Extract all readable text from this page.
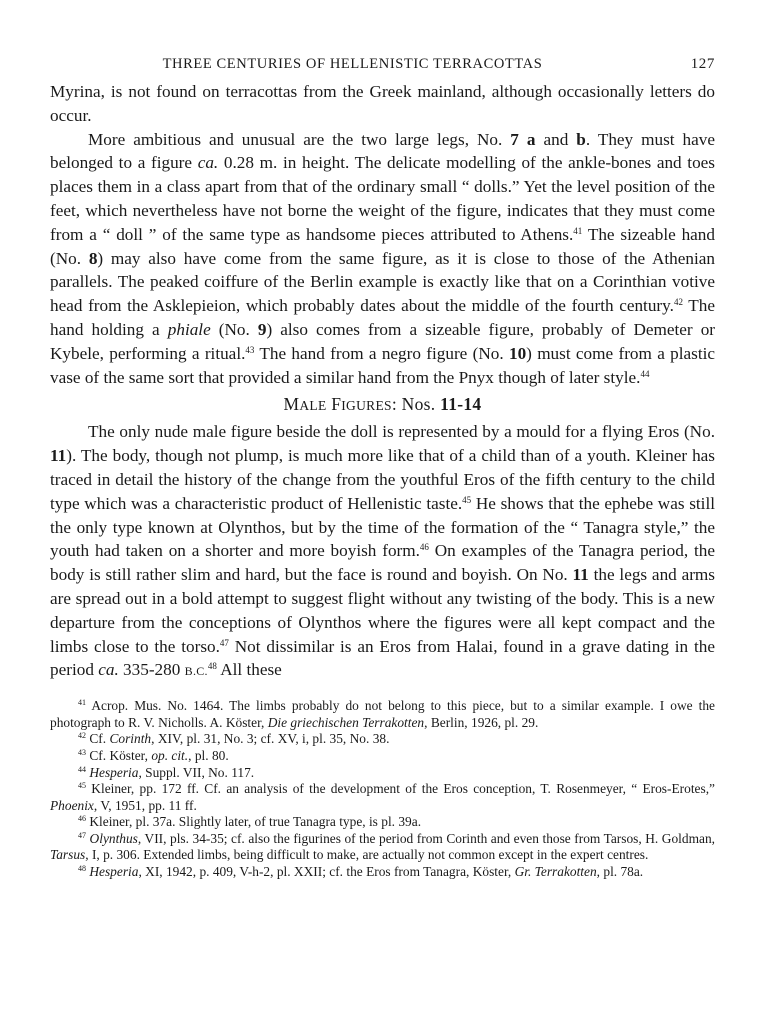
THREE CENTURIES OF HELLENISTIC TERRACOTTAS	127

Myrina, is not found on terracottas from the Greek mainland, although occasionally letters do occur.

More ambitious and unusual are the two large legs, No. 7 a and b. They must have belonged to a figure ca. 0.28 m. in height. The delicate modelling of the ankle-bones and toes places them in a class apart from that of the ordinary small “ dolls.” Yet the level position of the feet, which nevertheless have not borne the weight of the figure, indicates that they must come from a “ doll ” of the same type as handsome pieces attributed to Athens.$^{41}$ The sizeable hand (No. 8) may also have come from the same figure, as it is close to those of the Athenian parallels. The peaked coiffure of the Berlin example is exactly like that on a Corinthian votive head from the Asklepieion, which probably dates about the middle of the fourth century.$^{42}$ The hand holding a phiale (No. 9) also comes from a sizeable figure, probably of Demeter or Kybele, performing a ritual.$^{43}$ The hand from a negro figure (No. 10) must come from a plastic vase of the same sort that provided a similar hand from the Pnyx though of later style.$^{44}$

MALE FIGURES: Nos. 11-14

The only nude male figure beside the doll is represented by a mould for a flying Eros (No. 11). The body, though not plump, is much more like that of a child than of a youth. Kleiner has traced in detail the history of the change from the youthful Eros of the fifth century to the child type which was a characteristic product of Hellenistic taste.$^{45}$ He shows that the ephebe was still the only type known at Olynthos, but by the time of the formation of the “ Tanagra style,” the youth had taken on a shorter and more boyish form.$^{46}$ On examples of the Tanagra period, the body is still rather slim and hard, but the face is round and boyish. On No. 11 the legs and arms are spread out in a bold attempt to suggest flight without any twisting of the body. This is a new departure from the conceptions of Olynthos where the figures were all kept compact and the limbs close to the torso.$^{47}$ Not dissimilar is an Eros from Halai, found in a grave dating in the period ca. 335-280 B.C.$^{48}$ All these

$^{41}$ Acrop. Mus. No. 1464. The limbs probably do not belong to this piece, but to a similar example. I owe the photograph to R. V. Nicholls. A. Köster, Die griechischen Terrakotten, Berlin, 1926, pl. 29.
$^{42}$ Cf. Corinth, XIV, pl. 31, No. 3; cf. XV, i, pl. 35, No. 38.
$^{43}$ Cf. Köster, op. cit., pl. 80.
$^{44}$ Hesperia, Suppl. VII, No. 117.
$^{45}$ Kleiner, pp. 172 ff. Cf. an analysis of the development of the Eros conception, T. Rosenmeyer, “ Eros-Erotes,” Phoenix, V, 1951, pp. 11 ff.
$^{46}$ Kleiner, pl. 37a. Slightly later, of true Tanagra type, is pl. 39a.
$^{47}$ Olynthus, VII, pls. 34-35; cf. also the figurines of the period from Corinth and even those from Tarsos, H. Goldman, Tarsus, I, p. 306. Extended limbs, being difficult to make, are actually not common except in the expert centres.
$^{48}$ Hesperia, XI, 1942, p. 409, V-h-2, pl. XXII; cf. the Eros from Tanagra, Köster, Gr. Terrakotten, pl. 78a.
